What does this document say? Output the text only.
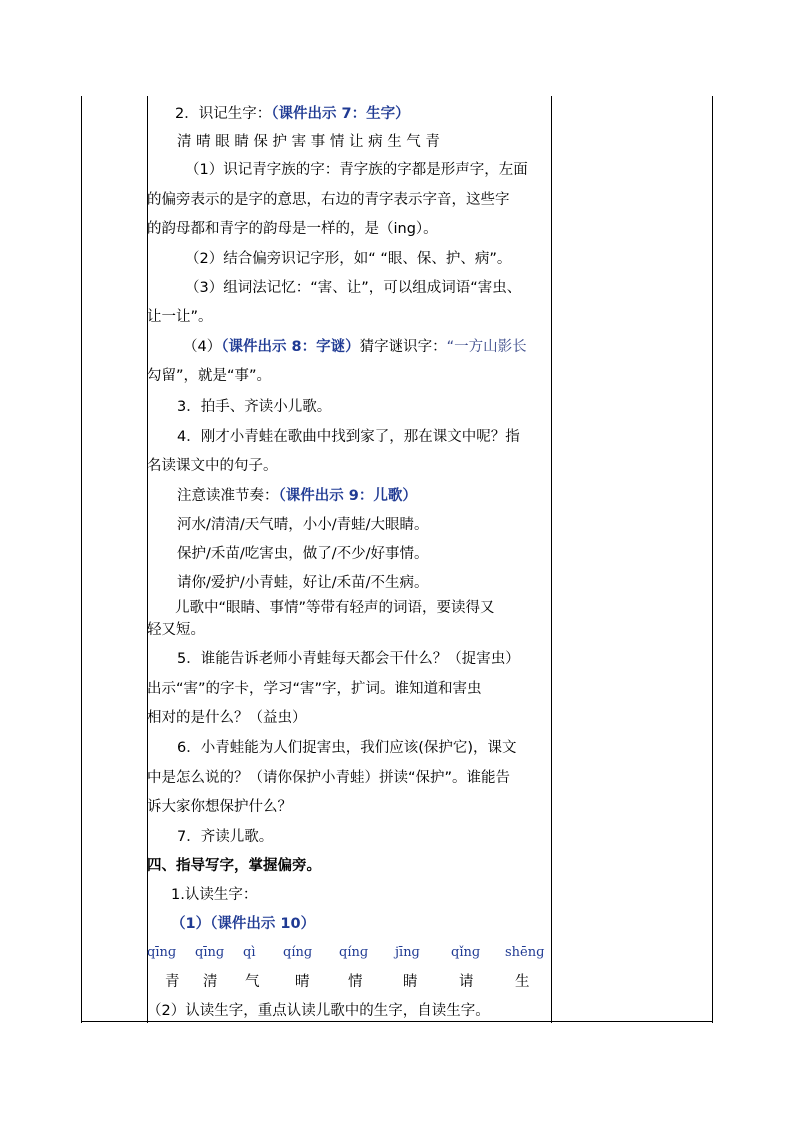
2．识记生字：（课件出示 7：生字）
清 晴 眼 睛 保 护 害 事 情 让 病 生 气 青
（1）识记青字族的字：青字族的字都是形声字，左面
的偏旁表示的是字的意思，右边的青字表示字音，这些字
的韵母都和青字的韵母是一样的，是（ing）。
（2）结合偏旁识记字形，如“ “眼、保、护、病”。
（3）组词法记忆：“害、让”，可以组成词语“害虫、
让一让”。
（4）（课件出示 8：字谜）猜字谜识字：“一方山影长
勾留”，就是“事”。
3．拍手、齐读小儿歌。
4．刚才小青蛙在歌曲中找到家了，那在课文中呢？指
名读课文中的句子。
注意读准节奏：（课件出示 9：儿歌）
河水/清清/天气晴，小小/青蛙/大眼睛。
保护/禾苗/吃害虫，做了/不少/好事情。
请你/爱护/小青蛙，好让/禾苗/不生病。
儿歌中“眼睛、事情”等带有轻声的词语，要读得又
轻又短。
5．谁能告诉老师小青蛙每天都会干什么？（捉害虫）
出示“害”的字卡，学习“害”字，扩词。谁知道和害虫
相对的是什么？（益虫）
6．小青蛙能为人们捉害虫，我们应该(保护它)，课文
中是怎么说的？（请你保护小青蛙）拼读“保护”。谁能告
诉大家你想保护什么？
7．齐读儿歌。
四、指导写字，掌握偏旁。
1.认读生字：
（1）（课件出示 10）
qīnɡ qīnɡ qì qínɡ qínɡ jīnɡ qǐnɡ shēnɡ
青 清 气 晴	情	睛	请	生
（2）认读生字，重点认读儿歌中的生字，自读生字。
